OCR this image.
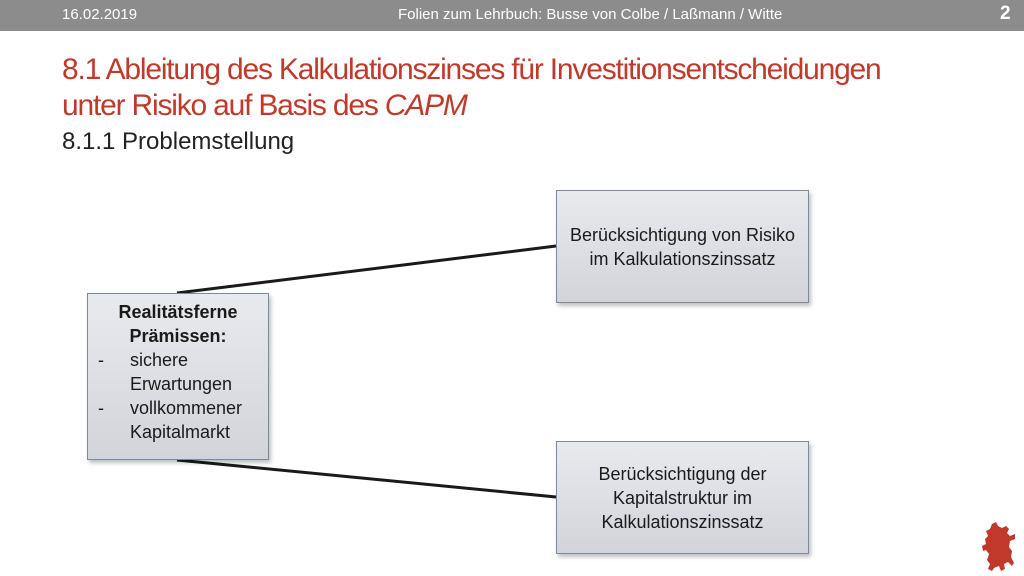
16.02.2019	Folien zum Lehrbuch: Busse von Colbe / Laßmann / Witte	2
8.1 Ableitung des Kalkulationszinses für Investitionsentscheidungen
unter Risiko auf Basis des CAPM
8.1.1 Problemstellung
Realitätsferne Prämissen:
- sichere Erwartungen
- vollkommener Kapitalmarkt
Berücksichtigung von Risiko im Kalkulationszinssatz
Berücksichtigung der Kapitalstruktur im Kalkulationszinssatz
